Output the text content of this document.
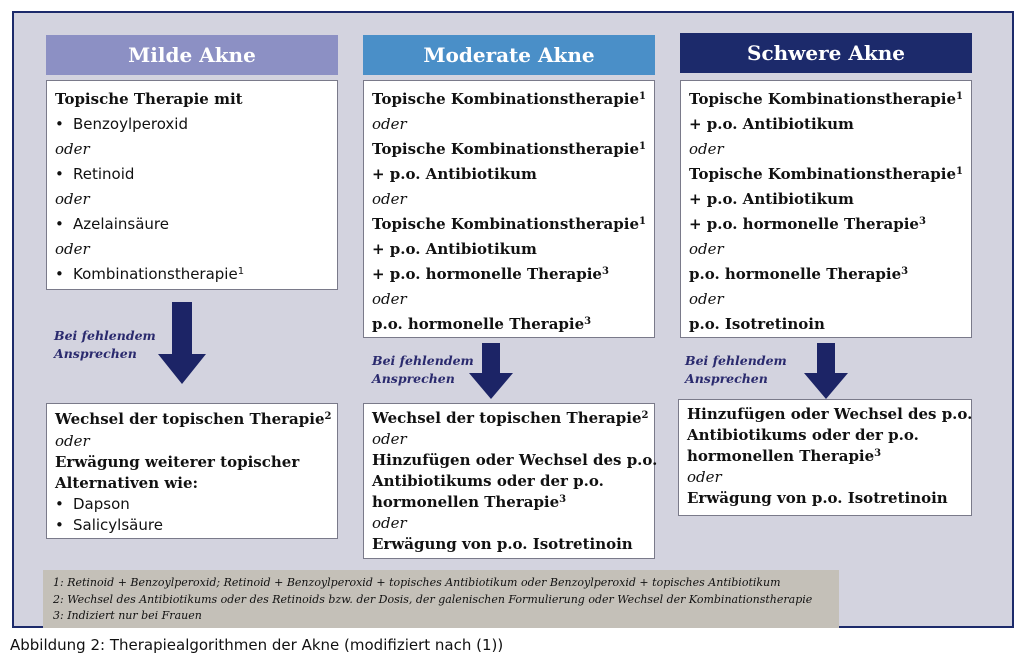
Milde Akne	Moderate Akne	Schwere Akne
Topische Therapie mit
• Benzoylperoxid
oder
• Retinoid
oder
• Azelainsäure
oder
• Kombinationstherapie$^1$
Bei fehlendem
Ansprechen
Wechsel der topischen Therapie$^2$
oder
Erwägung weiterer topischer
Alternativen wie:
• Dapson
• Salicylsäure
Topische Kombinationstherapie$^1$
oder
Topische Kombinationstherapie$^1$
+ p.o. Antibiotikum
oder
Topische Kombinationstherapie$^1$
+ p.o. Antibiotikum
+ p.o. hormonelle Therapie$^3$
oder
p.o. hormonelle Therapie$^3$
Bei fehlendem
Ansprechen
Wechsel der topischen Therapie$^2$
oder
Hinzufügen oder Wechsel des p.o.
Antibiotikums oder der p.o.
hormonellen Therapie$^3$
oder
Erwägung von p.o. Isotretinoin
Topische Kombinationstherapie$^1$
+ p.o. Antibiotikum
oder
Topische Kombinationstherapie$^1$
+ p.o. Antibiotikum
+ p.o. hormonelle Therapie$^3$
oder
p.o. hormonelle Therapie$^3$
oder
p.o. Isotretinoin
Bei fehlendem
Ansprechen
Hinzufügen oder Wechsel des p.o.
Antibiotikums oder der p.o.
hormonellen Therapie$^3$
oder
Erwägung von p.o. Isotretinoin
1: Retinoid + Benzoylperoxid; Retinoid + Benzoylperoxid + topisches Antibiotikum oder Benzoylperoxid + topisches Antibiotikum
2: Wechsel des Antibiotikums oder des Retinoids bzw. der Dosis, der galenischen Formulierung oder Wechsel der Kombinationstherapie
3: Indiziert nur bei Frauen
Abbildung 2: Therapiealgorithmen der Akne (modifiziert nach (1))
